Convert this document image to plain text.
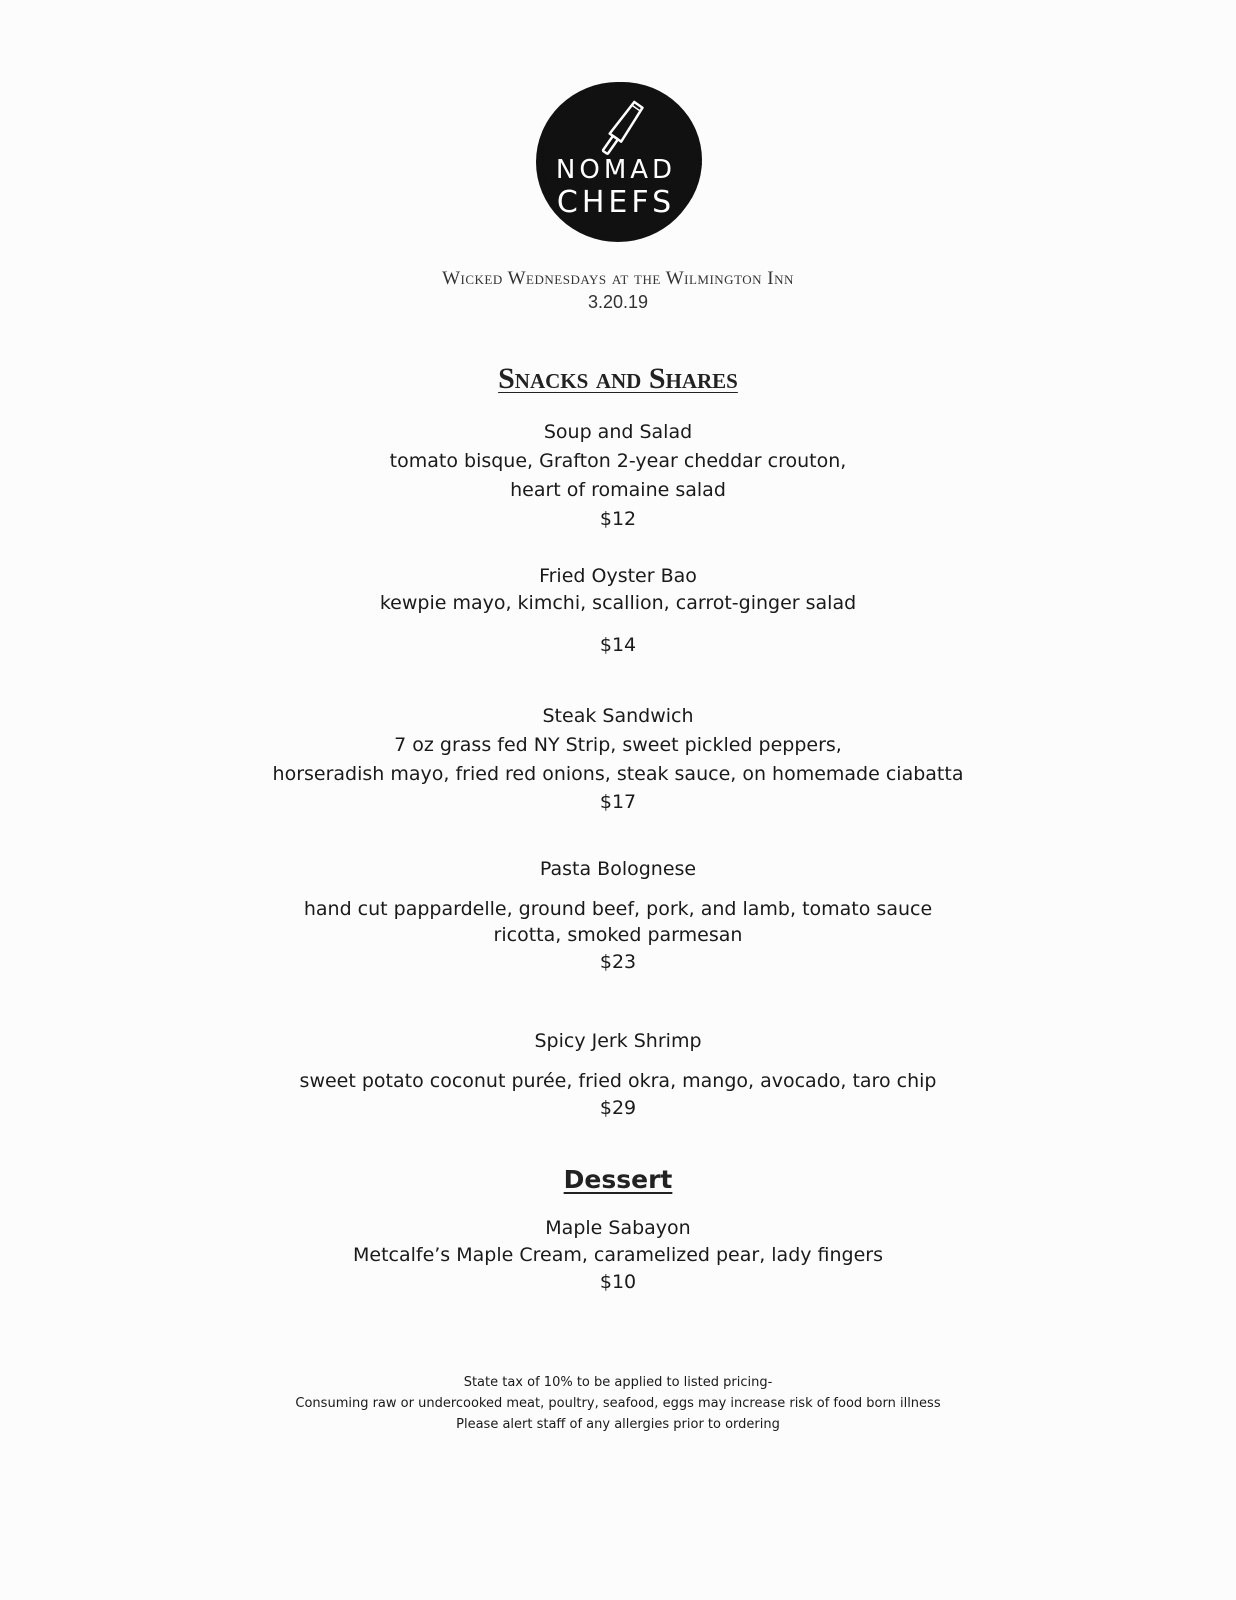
NOMAD
CHEFS

Wicked Wednesdays at the Wilmington Inn

3.20.19

Snacks and Shares

Soup and Salad

tomato bisque, Grafton 2-year cheddar crouton,

heart of romaine salad

$12

Fried Oyster Bao

kewpie mayo, kimchi, scallion, carrot-ginger salad

$14

Steak Sandwich

7 oz grass fed NY Strip, sweet pickled peppers,

horseradish mayo, fried red onions, steak sauce, on homemade ciabatta

$17

Pasta Bolognese

hand cut pappardelle, ground beef, pork, and lamb, tomato sauce

ricotta, smoked parmesan

$23

Spicy Jerk Shrimp

sweet potato coconut purée, fried okra, mango, avocado, taro chip

$29

Dessert

Maple Sabayon

Metcalfe’s Maple Cream, caramelized pear, lady fingers

$10

State tax of 10% to be applied to listed pricing-

Consuming raw or undercooked meat, poultry, seafood, eggs may increase risk of food born illness

Please alert staff of any allergies prior to ordering
